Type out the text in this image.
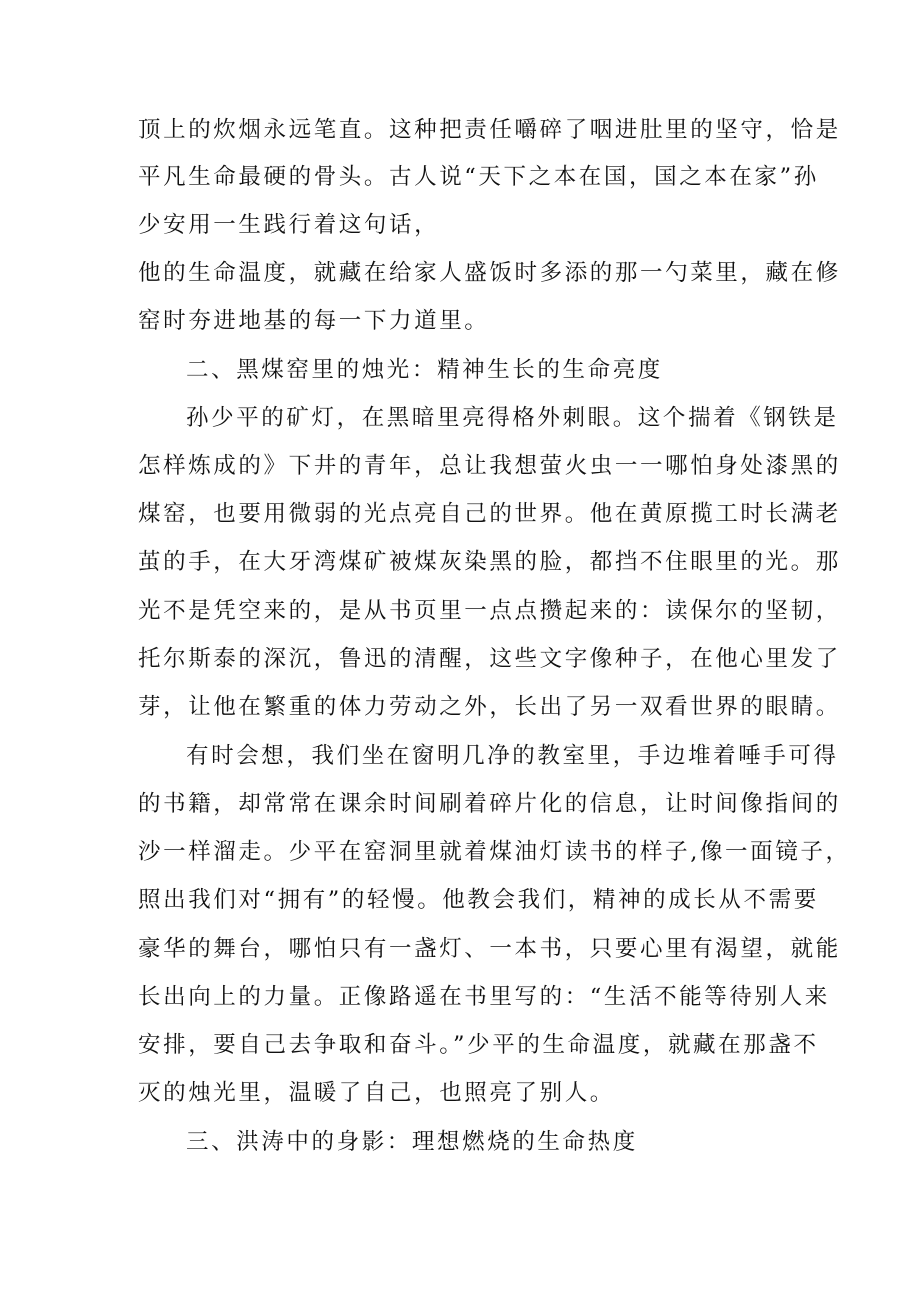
顶上的炊烟永远笔直。这种把责任嚼碎了咽进肚里的坚守，恰是
平凡生命最硬的骨头。古人说“天下之本在国，国之本在家”孙
少安用一生践行着这句话，
他的生命温度，就藏在给家人盛饭时多添的那一勺菜里，藏在修
窑时夯进地基的每一下力道里。
二、黑煤窑里的烛光：精神生长的生命亮度
孙少平的矿灯，在黑暗里亮得格外刺眼。这个揣着《钢铁是
怎样炼成的》下井的青年，总让我想萤火虫一一哪怕身处漆黑的
煤窑，也要用微弱的光点亮自己的世界。他在黄原揽工时长满老
茧的手，在大牙湾煤矿被煤灰染黑的脸，都挡不住眼里的光。那
光不是凭空来的，是从书页里一点点攒起来的：读保尔的坚韧，
托尔斯泰的深沉，鲁迅的清醒，这些文字像种子，在他心里发了
芽，让他在繁重的体力劳动之外，长出了另一双看世界的眼睛。
有时会想，我们坐在窗明几净的教室里，手边堆着唾手可得
的书籍，却常常在课余时间刷着碎片化的信息，让时间像指间的
沙一样溜走。少平在窑洞里就着煤油灯读书的样子,像一面镜子，
照出我们对“拥有”的轻慢。他教会我们，精神的成长从不需要
豪华的舞台，哪怕只有一盏灯、一本书，只要心里有渴望，就能
长出向上的力量。正像路遥在书里写的：“生活不能等待别人来
安排，要自己去争取和奋斗。”少平的生命温度，就藏在那盏不
灭的烛光里，温暖了自己，也照亮了别人。
三、洪涛中的身影：理想燃烧的生命热度
